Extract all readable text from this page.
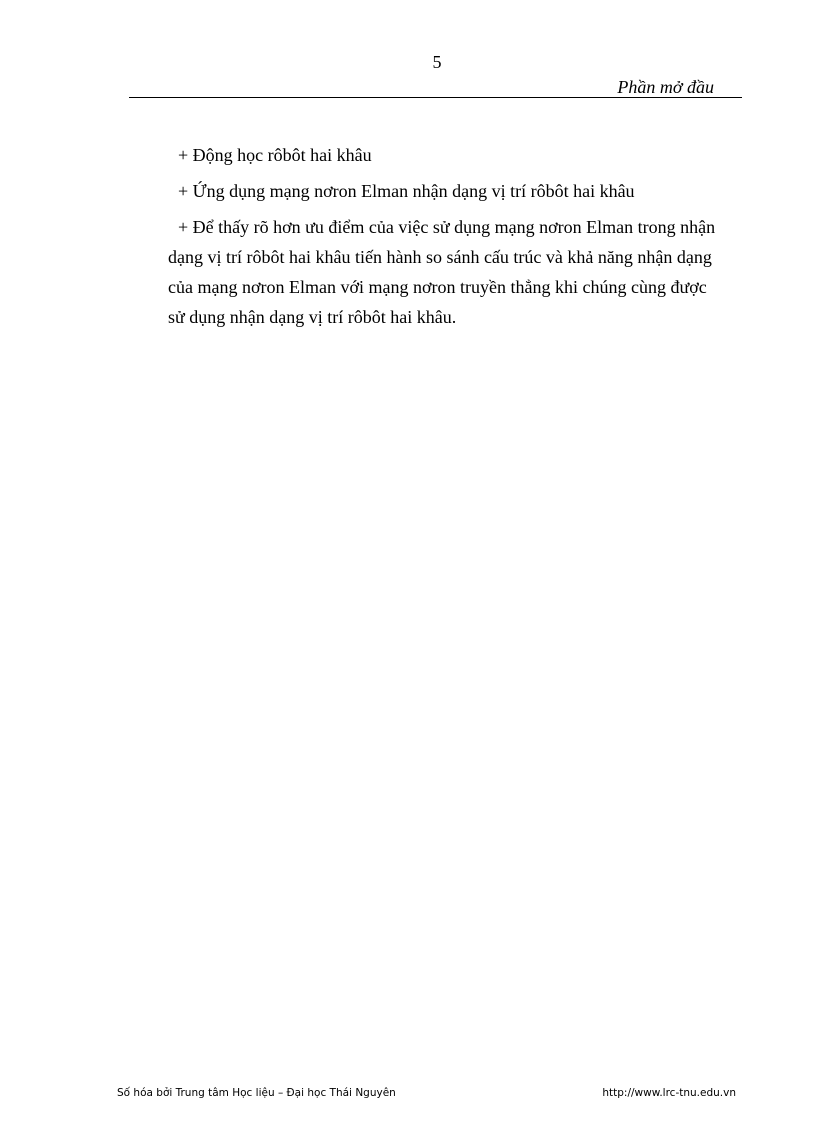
5
Phần mở đầu
+ Động học rôbôt hai khâu
+ Ứng dụng mạng nơron Elman nhận dạng vị trí rôbôt hai khâu
+ Để thấy rõ hơn ưu điểm của việc sử dụng mạng nơron Elman trong nhận
dạng vị trí rôbôt hai khâu tiến hành so sánh cấu trúc và khả năng nhận dạng
của mạng nơron Elman với mạng nơron truyền thẳng khi chúng cùng được
sử dụng nhận dạng vị trí rôbôt hai khâu.
Số hóa bởi Trung tâm Học liệu – Đại học Thái Nguyên	http://www.lrc-tnu.edu.vn
